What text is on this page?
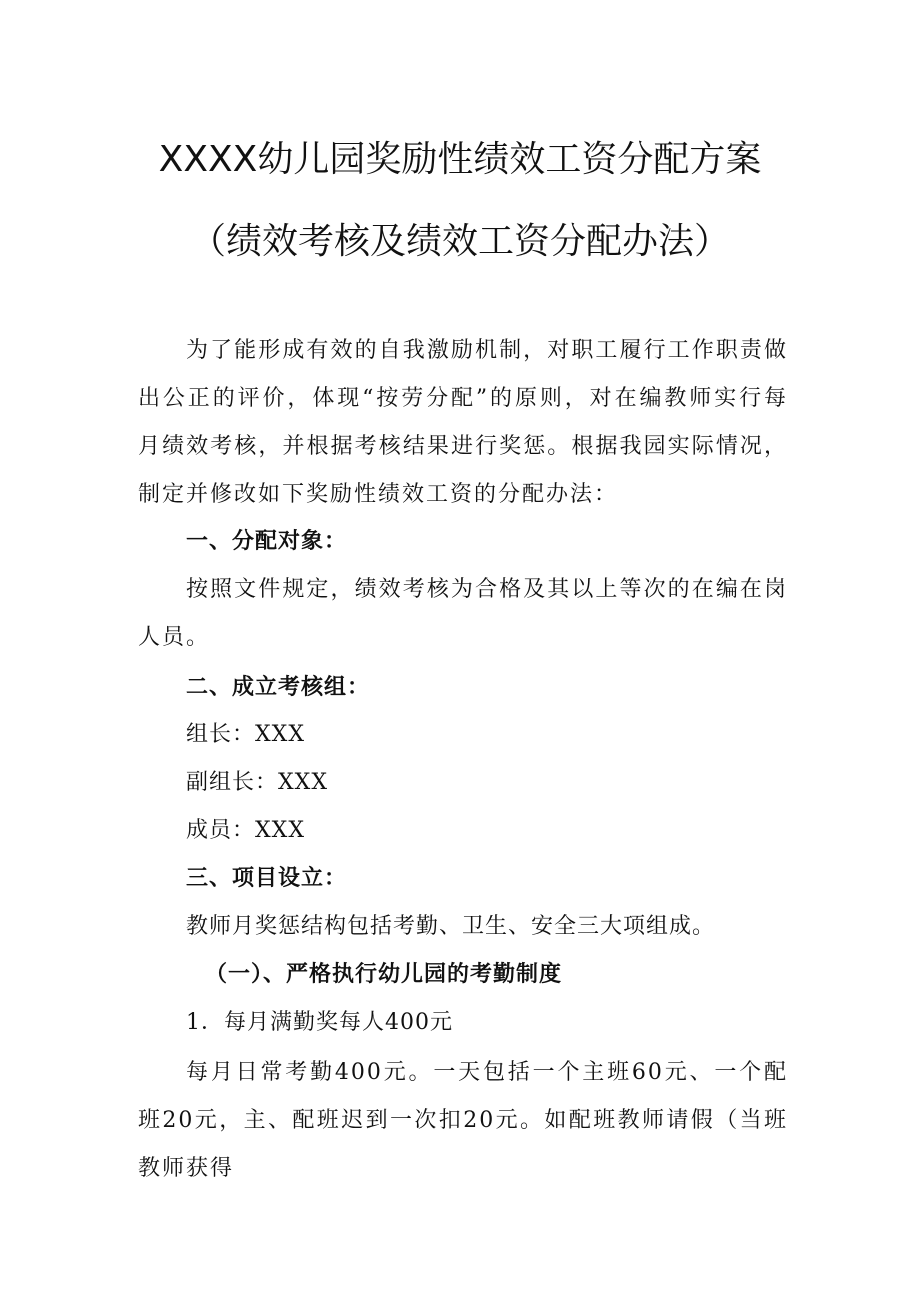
XXXX幼儿园奖励性绩效工资分配方案
（绩效考核及绩效工资分配办法）

为了能形成有效的自我激励机制，对职工履行工作职责做出公正的评价，体现“按劳分配”的原则，对在编教师实行每月绩效考核，并根据考核结果进行奖惩。根据我园实际情况，制定并修改如下奖励性绩效工资的分配办法：

一、分配对象：

按照文件规定，绩效考核为合格及其以上等次的在编在岗人员。

二、成立考核组：
组长：XXX
副组长：XXX
成员：XXX
三、项目设立：
教师月奖惩结构包括考勤、卫生、安全三大项组成。
（一）、严格执行幼儿园的考勤制度
1．每月满勤奖每人400元

每月日常考勤400元。一天包括一个主班60元、一个配班20元，主、配班迟到一次扣20元。如配班教师请假（当班教师获得
